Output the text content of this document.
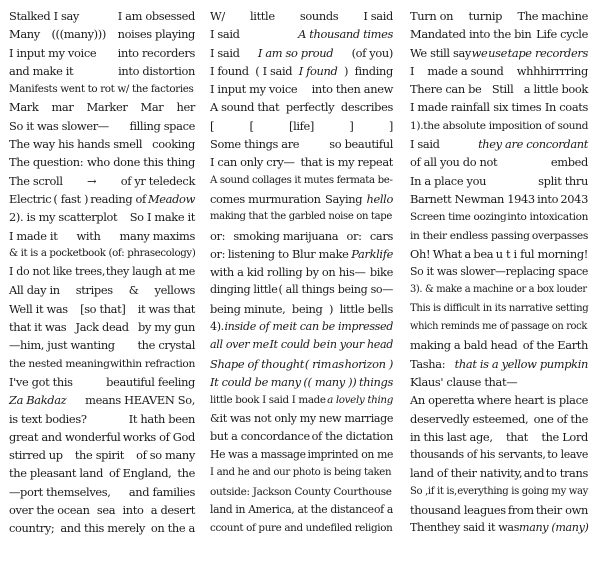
Stalked I say	I am obsessed
Many (((many))) noises playing
I input my voice into recorders
and make it	into distortion
Manifests went to rot w/ the factories
Mark mar Marker Mar her
So it was slower— filling space
The way his hands smell cooking
The question: who done this thing
The scroll → of yr teledeck
Electric ( fast ) reading of Meadow
2). is my scatterplot So I make it
I made it with many maxims
& it is a pocketbook (of: phrasecology)
I do not like trees, they laugh at me
All day in stripes & yellows
Well it was [so that] it was that
that it was Jack dead by my gun
—him, just wanting the crystal
the nested meaning within refraction
I've got this	beautiful feeling
Za Bakdaz means HEAVEN So,
is text bodies?	It hath been
great and wonderful works of God
stirred up the spirit of so many
the pleasant land of England, the
—port themselves, and families
over the ocean sea into a desert
country; and this merely on the a
W/ little sounds I said
I said	A thousand times
I said I am so proud (of you)
I found ( I said I found ) finding
I input my voice into then anew
A sound that perfectly describes
[	[	[life]	]	]
Some things are	so beautiful
I can only cry— that is my repeat
A sound collages it mutes fermata be-
comes murmuration Saying hello
making that the garbled noise on tape
or: smoking marijuana or: cars
or: listening to Blur make Parklife
with a kid rolling by on his— bike
dinging little ( all things being so—
being minute, being ) little bells
4). inside of me it can be impressed
all over me It could be in your head
Shape of thought ( rim as horizon )
It could be many (( many )) things
little book I said I made a lovely thing
& it was not only my new marriage
but a concordance of the dictation
He was a massage imprinted on me
I and he and our photo is being taken
outside: Jackson County Courthouse
land in America, at the distance of a
ccount of pure and undefiled religion
Turn on turnip The machine
Mandated into the bin Life cycle
We still say we use tape recorders
I made a sound whhhirrrring
There can be Still a little book
I made rainfall six times In coats
1). the absolute imposition of sound
I said	they are concordant
of all you do not	embed
In a place you	split thru
Barnett Newman 1943 into 2043
Screen time oozing into intoxication
in their endless passing overpasses
Oh! What a bea u t i ful morning!
So it was slower— replacing space
3). & make a machine or a box louder
This is difficult in its narrative setting
which reminds me of passage on rock
making a bald head of the Earth
Tasha: that is a yellow pumpkin
Klaus' clause that—
An operetta where heart is place
deservedly esteemed, one of the
in this last age, that the Lord
thousands of his servants, to leave
land of their nativity, and to trans
So ,if it is, everything is going my way
thousand leagues from their own
Then they said it was many (many)
